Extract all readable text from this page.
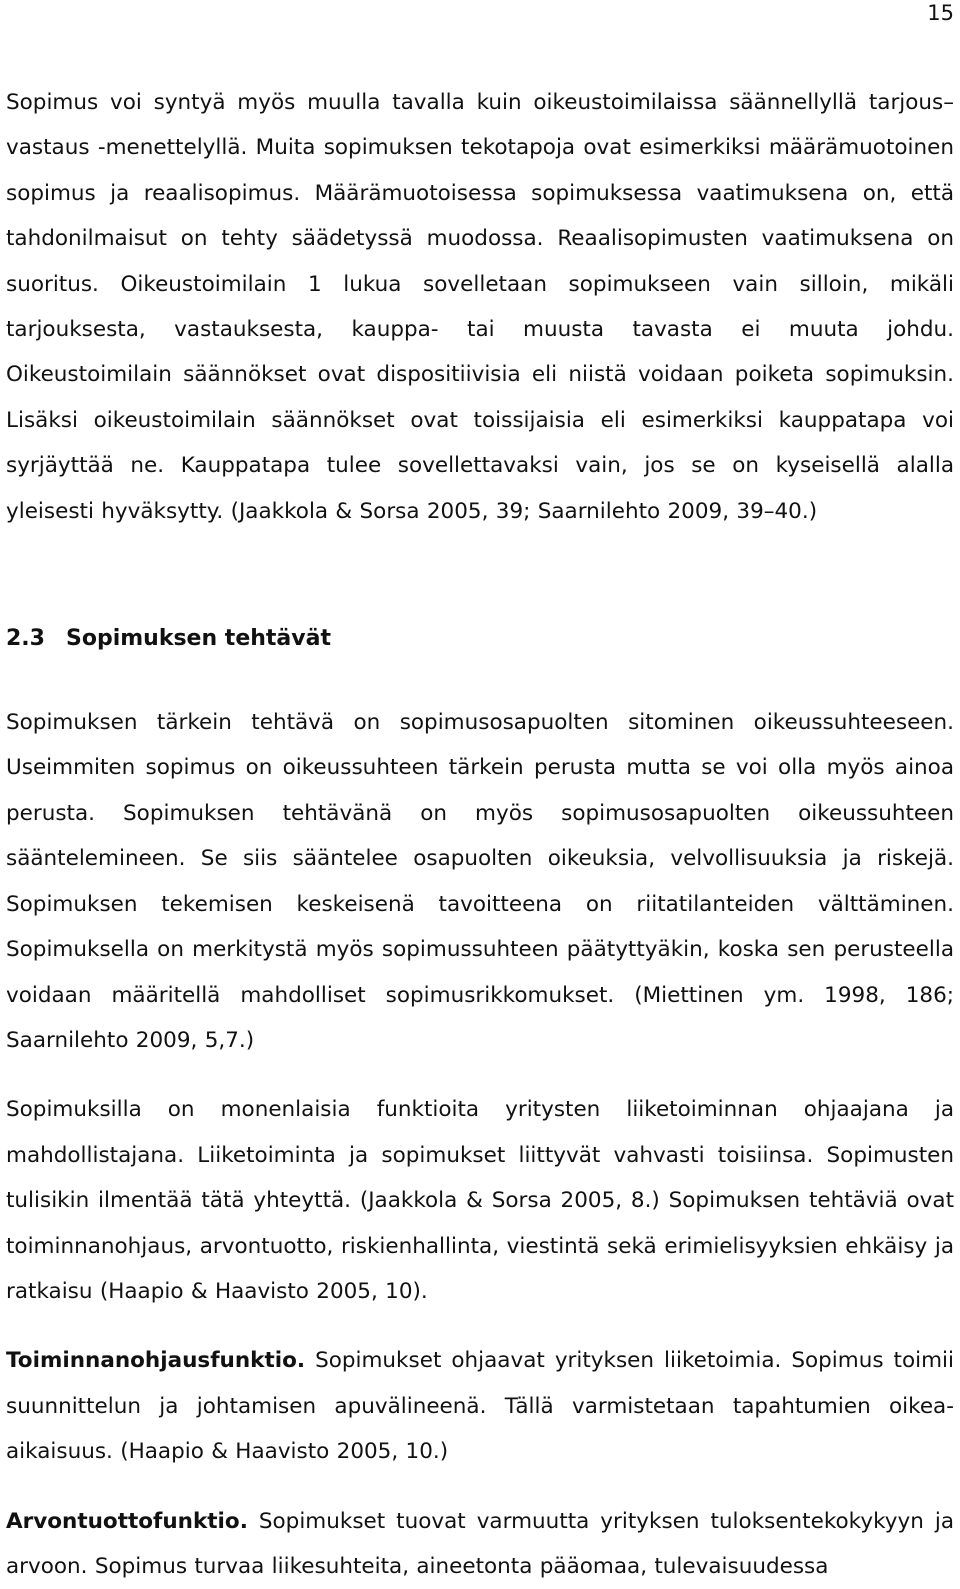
15

Sopimus voi syntyä myös muulla tavalla kuin oikeustoimilaissa säännellyllä tarjous–vastaus -menettelyllä. Muita sopimuksen tekotapoja ovat esimerkiksi määrämuotoinen sopimus ja reaalisopimus. Määrämuotoisessa sopimuksessa vaatimuksena on, että tahdonilmaisut on tehty säädetyssä muodossa. Reaalisopimusten vaatimuksena on suoritus. Oikeustoimilain 1 lukua sovelletaan sopimukseen vain silloin, mikäli tarjouksesta, vastauksesta, kauppa- tai muusta tavasta ei muuta johdu. Oikeustoimilain säännökset ovat dispositiivisia eli niistä voidaan poiketa sopimuksin. Lisäksi oikeustoimilain säännökset ovat toissijaisia eli esimerkiksi kauppatapa voi syrjäyttää ne. Kauppatapa tulee sovellettavaksi vain, jos se on kyseisellä alalla yleisesti hyväksytty. (Jaakkola & Sorsa 2005, 39; Saarnilehto 2009, 39–40.)

2.3 Sopimuksen tehtävät

Sopimuksen tärkein tehtävä on sopimusosapuolten sitominen oikeussuhteeseen. Useimmiten sopimus on oikeussuhteen tärkein perusta mutta se voi olla myös ainoa perusta. Sopimuksen tehtävänä on myös sopimusosapuolten oikeussuhteen sääntelemineen. Se siis sääntelee osapuolten oikeuksia, velvollisuuksia ja riskejä. Sopimuksen tekemisen keskeisenä tavoitteena on riitatilanteiden välttäminen. Sopimuksella on merkitystä myös sopimussuhteen päätyttyäkin, koska sen perusteella voidaan määritellä mahdolliset sopimusrikkomukset. (Miettinen ym. 1998, 186; Saarnilehto 2009, 5,7.)

Sopimuksilla on monenlaisia funktioita yritysten liiketoiminnan ohjaajana ja mahdollistajana. Liiketoiminta ja sopimukset liittyvät vahvasti toisiinsa. Sopimusten tulisikin ilmentää tätä yhteyttä. (Jaakkola & Sorsa 2005, 8.) Sopimuksen tehtäviä ovat toiminnanohjaus, arvontuotto, riskienhallinta, viestintä sekä erimielisyyksien ehkäisy ja ratkaisu (Haapio & Haavisto 2005, 10).

Toiminnanohjausfunktio. Sopimukset ohjaavat yrityksen liiketoimia. Sopimus toimii suunnittelun ja johtamisen apuvälineenä. Tällä varmistetaan tapahtumien oikea-aikaisuus. (Haapio & Haavisto 2005, 10.)

Arvontuottofunktio. Sopimukset tuovat varmuutta yrityksen tuloksentekokykyyn ja arvoon. Sopimus turvaa liikesuhteita, aineetonta pääomaa, tulevaisuudessa
